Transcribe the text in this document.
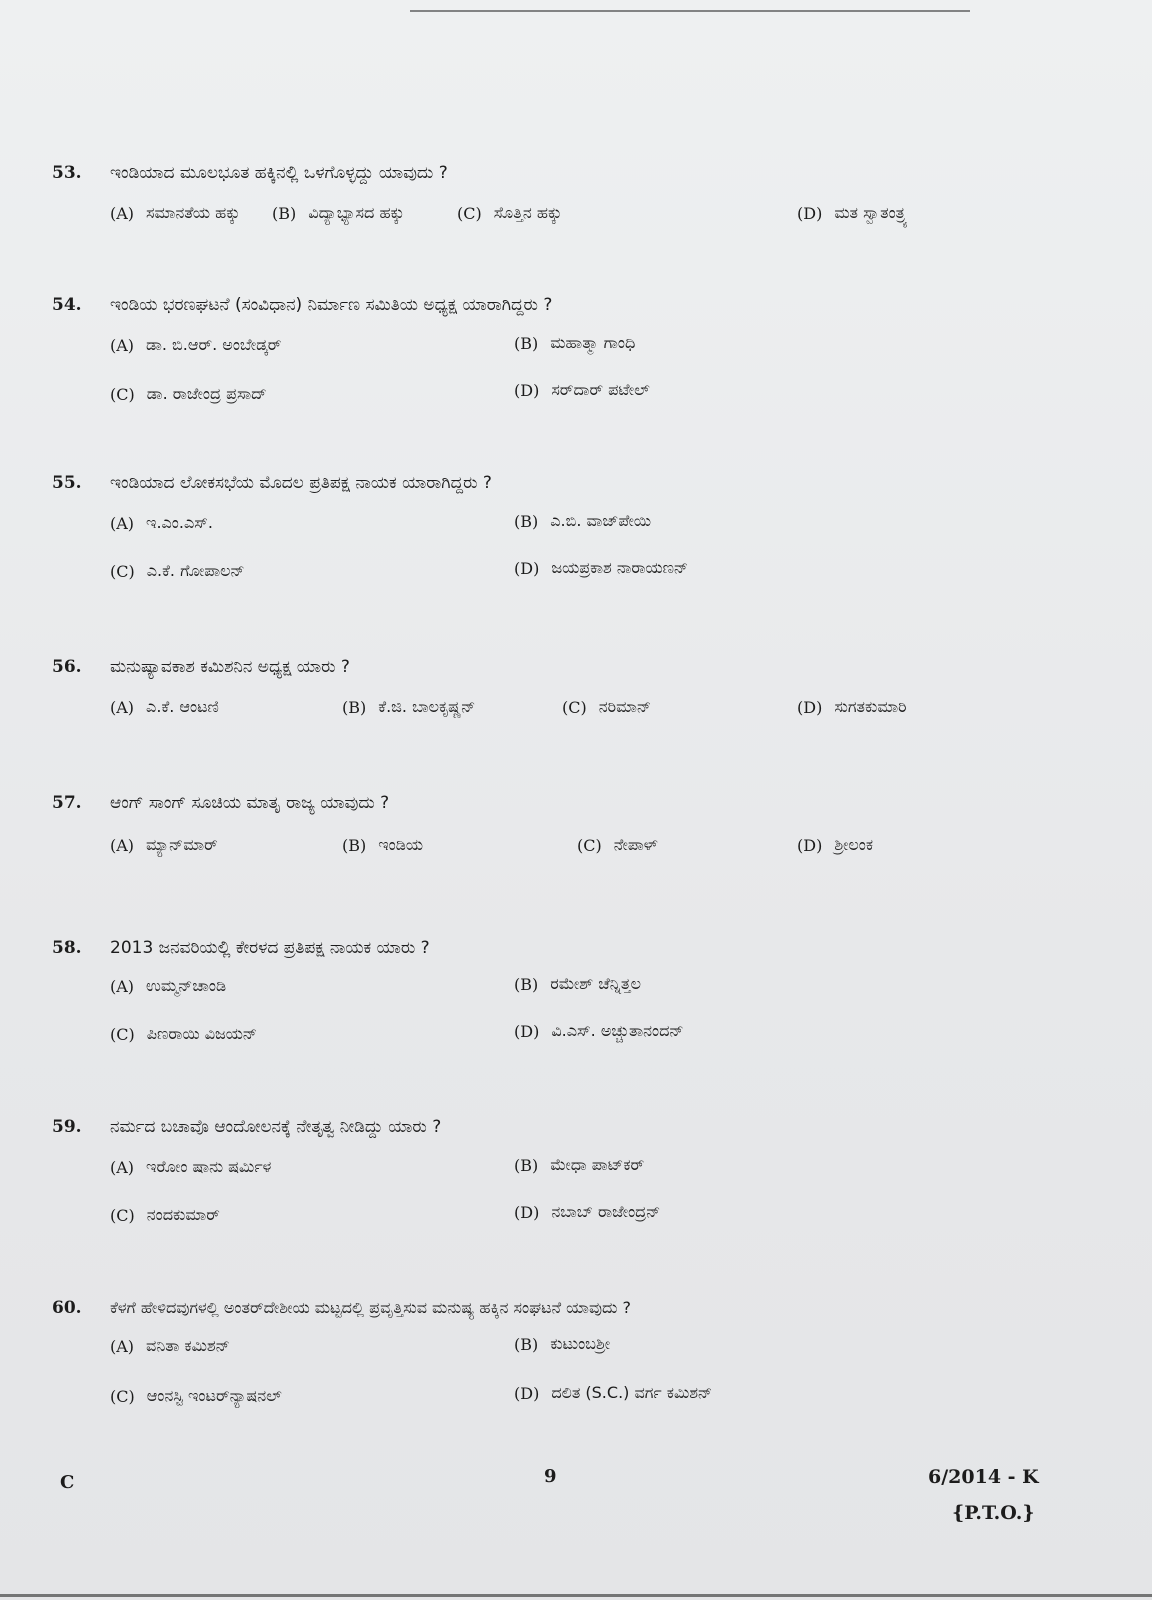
53.	ಇಂಡಿಯಾದ ಮೂಲಭೂತ ಹಕ್ಕಿನಲ್ಲಿ ಒಳಗೊಳ್ಳದ್ದು ಯಾವುದು ?
(A) ಸಮಾನತೆಯ ಹಕ್ಕು (B) ವಿದ್ಯಾಭ್ಯಾಸದ ಹಕ್ಕು	(C) ಸೊತ್ತಿನ ಹಕ್ಕು	(D) ಮತ ಸ್ವಾತಂತ್ರ್ಯ
54.	ಇಂಡಿಯ ಭರಣಘಟನೆ (ಸಂವಿಧಾನ) ನಿರ್ಮಾಣ ಸಮಿತಿಯ ಅಧ್ಯಕ್ಷ ಯಾರಾಗಿದ್ದರು ?
(A) ಡಾ. ಬಿ.ಆರ್. ಅಂಬೇಡ್ಕರ್	(B) ಮಹಾತ್ಮಾ ಗಾಂಧಿ
(C) ಡಾ. ರಾಜೇಂದ್ರ ಪ್ರಸಾದ್	(D) ಸರ್‌ದಾರ್ ಪಟೇಲ್
55.	ಇಂಡಿಯಾದ ಲೋಕಸಭೆಯ ಮೊದಲ ಪ್ರತಿಪಕ್ಷ ನಾಯಕ ಯಾರಾಗಿದ್ದರು ?
(A) ಇ.ಎಂ.ಎಸ್.	(B) ಎ.ಬಿ. ವಾಜ್‌ಪೇಯಿ
(C) ಎ.ಕೆ. ಗೋಪಾಲನ್	(D) ಜಯಪ್ರಕಾಶ ನಾರಾಯಣನ್
56.	ಮನುಷ್ಯಾವಕಾಶ ಕಮಿಶನಿನ ಅಧ್ಯಕ್ಷ ಯಾರು ?
(A) ಎ.ಕೆ. ಆಂಟಣಿ	(B) ಕೆ.ಜಿ. ಬಾಲಕೃಷ್ಣನ್	(C) ನರಿಮಾನ್	(D) ಸುಗತಕುಮಾರಿ
57.	ಆಂಗ್ ಸಾಂಗ್ ಸೂಚಿಯ ಮಾತೃ ರಾಜ್ಯ ಯಾವುದು ?
(A) ಮ್ಯಾನ್‌ಮಾರ್	(B) ಇಂಡಿಯ	(C) ನೇಪಾಳ್	(D) ಶ್ರೀಲಂಕ
58.	2013 ಜನವರಿಯಲ್ಲಿ ಕೇರಳದ ಪ್ರತಿಪಕ್ಷ ನಾಯಕ ಯಾರು ?
(A) ಉಮ್ಮನ್‌ಚಾಂಡಿ	(B) ರಮೇಶ್ ಚೆನ್ನಿತ್ತಲ
(C) ಪಿಣರಾಯಿ ವಿಜಯನ್	(D) ವಿ.ಎಸ್. ಅಚ್ಚುತಾನಂದನ್
59.	ನರ್ಮದ ಬಚಾವೊ ಆಂದೋಲನಕ್ಕೆ ನೇತೃತ್ವ ನೀಡಿದ್ದು ಯಾರು ?
(A) ಇರೋಂ ಷಾನು ಷರ್ಮಿಳ	(B) ಮೇಧಾ ಪಾಟ್‌ಕರ್
(C) ನಂದಕುಮಾರ್	(D) ನಬಾಬ್ ರಾಜೇಂದ್ರನ್
60.	ಕೆಳಗೆ ಹೇಳಿದವುಗಳಲ್ಲಿ ಅಂತರ್‌ದೇಶೀಯ ಮಟ್ಟದಲ್ಲಿ ಪ್ರವೃತ್ತಿಸುವ ಮನುಷ್ಯ ಹಕ್ಕಿನ ಸಂಘಟನೆ ಯಾವುದು ?
(A) ವನಿತಾ ಕಮಿಶನ್	(B) ಕುಟುಂಬಶ್ರೀ
(C) ಆಂನಸ್ಟಿ ಇಂಟರ್‌ನ್ಯಾಷನಲ್	(D) ದಲಿತ (S.C.) ವರ್ಗ ಕಮಿಶನ್
C	9	6/2014 - K
{P.T.O.}
